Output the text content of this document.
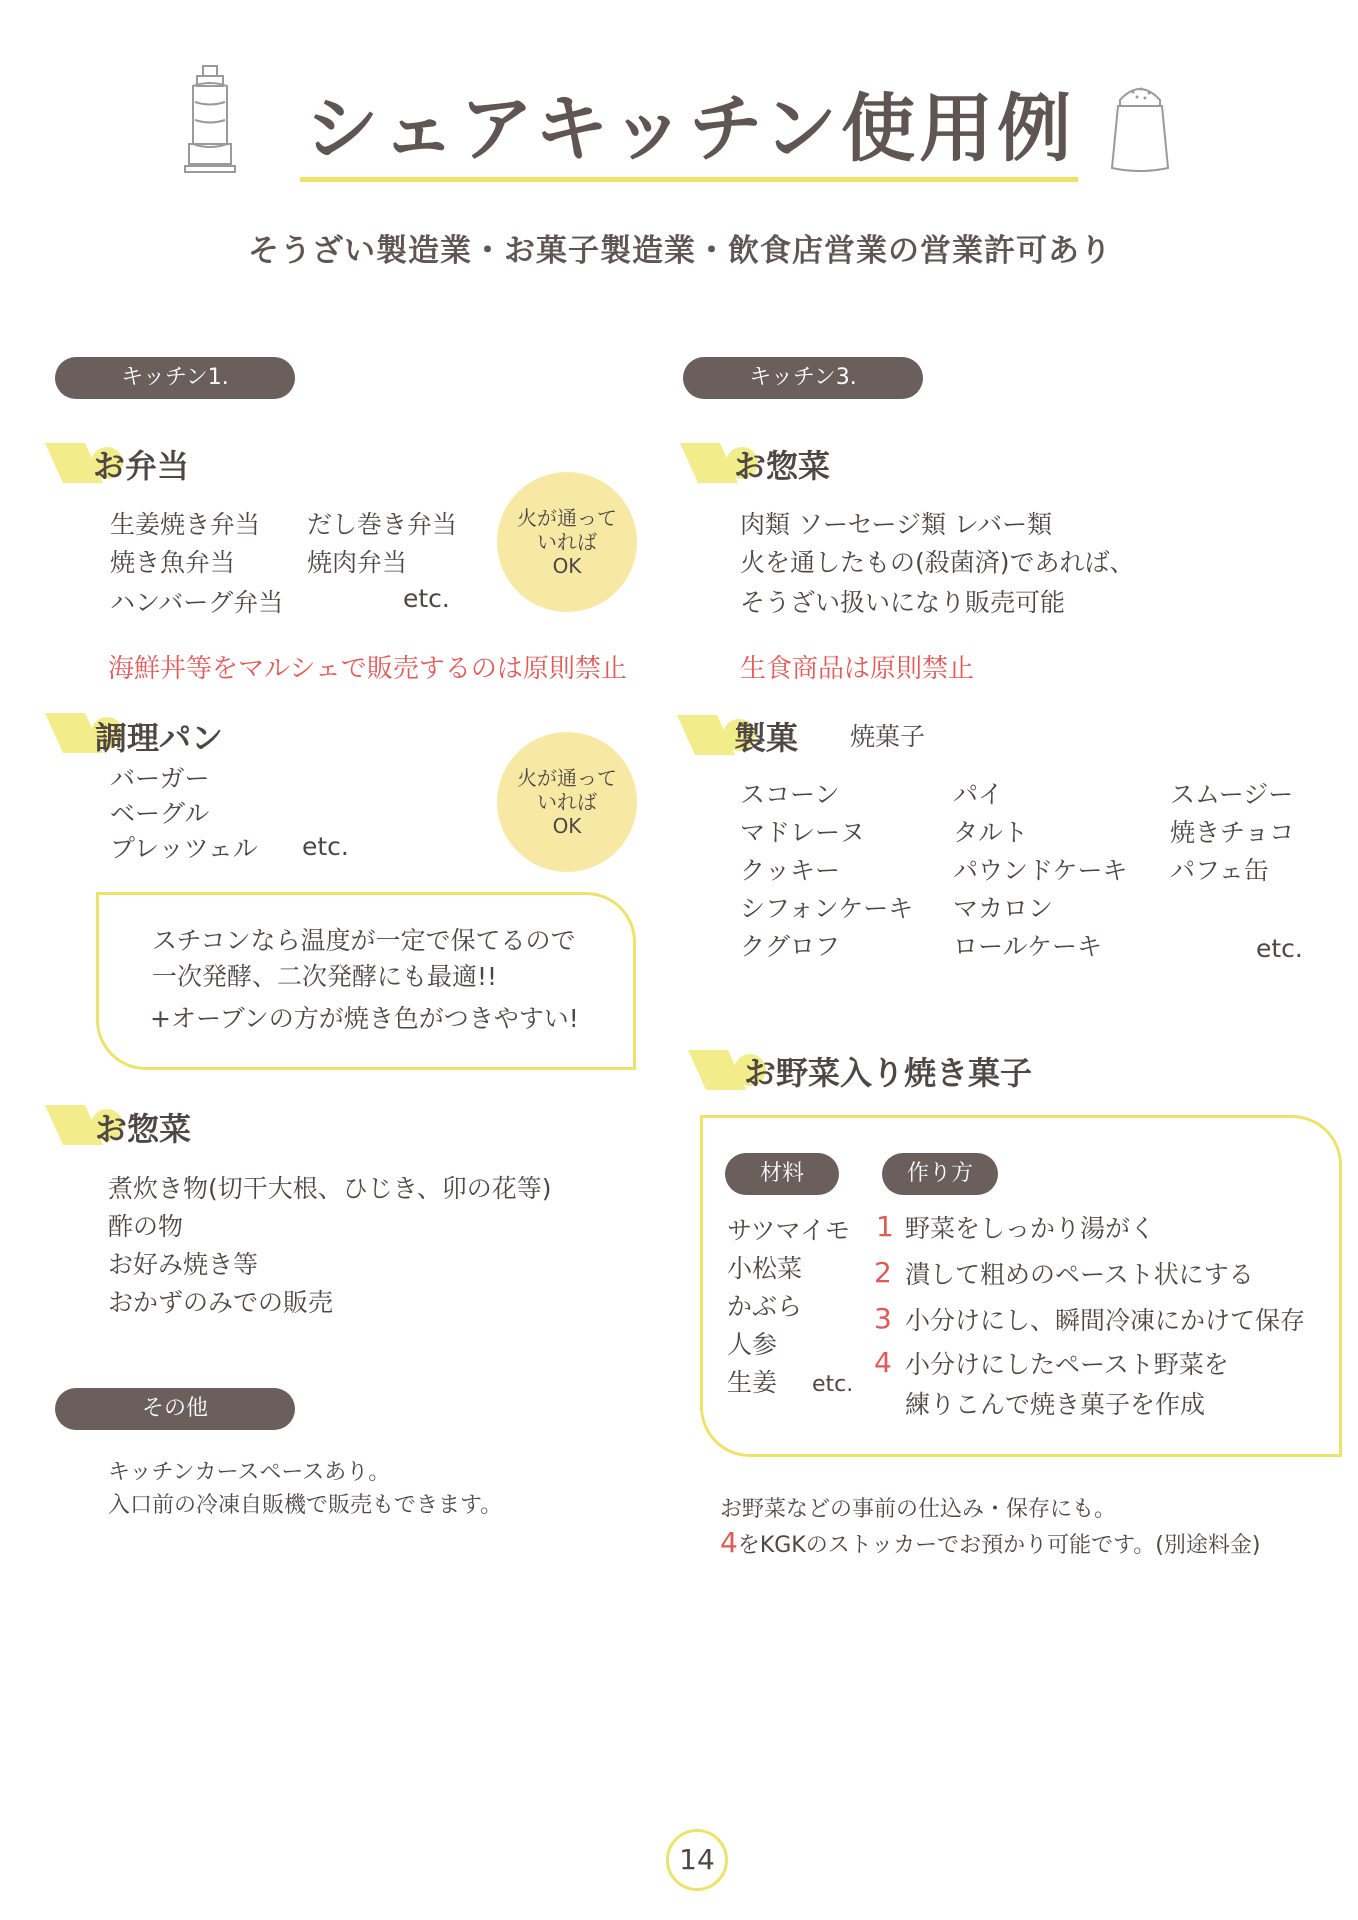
シェアキッチン使用例
そうざい製造業・お菓子製造業・飲食店営業の営業許可あり
キッチン1.
お弁当
生姜焼き弁当
焼き魚弁当
ハンバーグ弁当
だし巻き弁当
焼肉弁当
etc.
火が通って
いれば
OK
海鮮丼等をマルシェで販売するのは原則禁止
調理パン
バーガー
ベーグル
プレッツェル etc.
火が通って
いれば
OK
スチコンなら温度が一定で保てるので
一次発酵、二次発酵にも最適!!
+オーブンの方が焼き色がつきやすい!
お惣菜
煮炊き物(切干大根、ひじき、卯の花等)
酢の物
お好み焼き等
おかずのみでの販売
その他
キッチンカースペースあり。
入口前の冷凍自販機で販売もできます。
キッチン3.
お惣菜
肉類 ソーセージ類 レバー類
火を通したもの(殺菌済)であれば、
そうざい扱いになり販売可能
生食商品は原則禁止
製菓 焼菓子
スコーン
マドレーヌ
クッキー
シフォンケーキ
クグロフ
パイ
タルト
パウンドケーキ
マカロン
ロールケーキ
スムージー
焼きチョコ
パフェ缶
etc.
お野菜入り焼き菓子
材料	作り方
サツマイモ
小松菜
かぶら
人参
生姜 etc.
1 野菜をしっかり湯がく
2 潰して粗めのペースト状にする
3 小分けにし、瞬間冷凍にかけて保存
4 小分けにしたペースト野菜を
練りこんで焼き菓子を作成
お野菜などの事前の仕込み・保存にも。
4をKGKのストッカーでお預かり可能です。(別途料金)
14
